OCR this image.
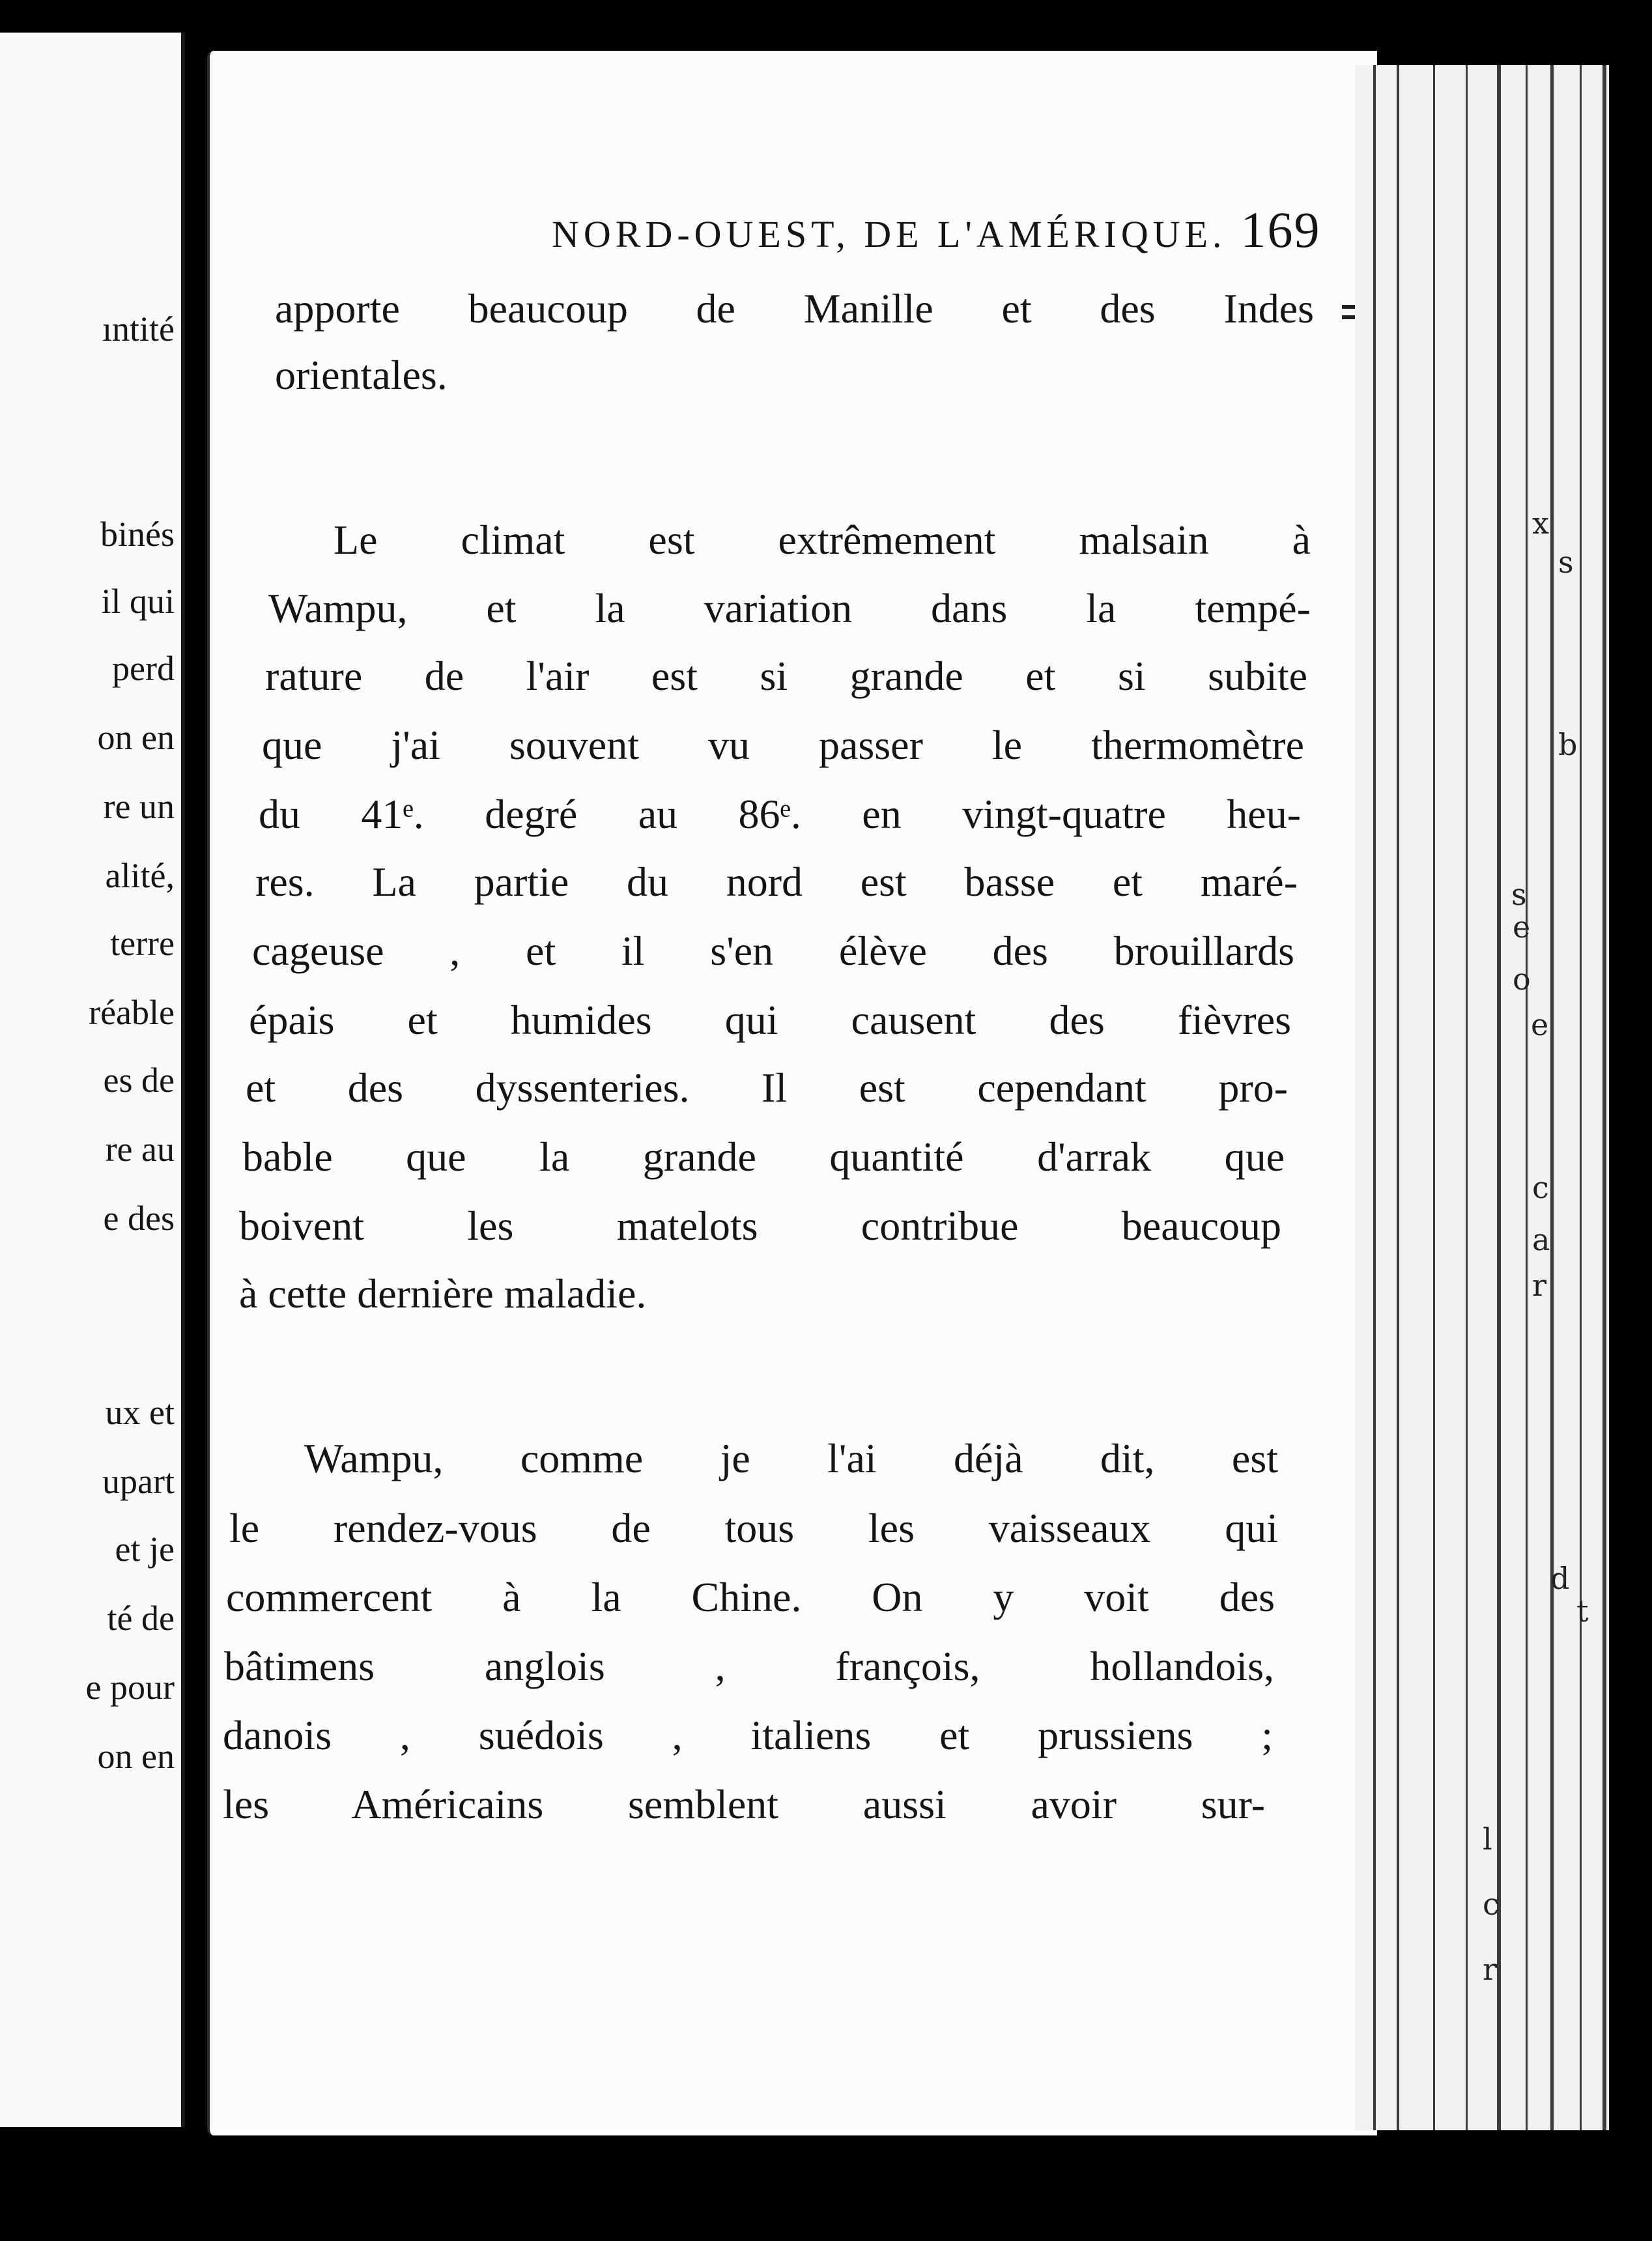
ıntité

binés

il qui

perd

on en

re un

alité,

terre

réable

es de

re au

e des

ux et

upart

et je

té de

e pour

on en

NORD-OUEST, DE L'AMÉRIQUE. 169

apporte beaucoup de Manille et des Indes

orientales.

Le climat est extrêmement malsain à

Wampu, et la variation dans la tempé-

rature de l'air est si grande et si subite

que j'ai souvent vu passer le thermomètre

du 41ᵉ. degré au 86ᵉ. en vingt-quatre heu-

res. La partie du nord est basse et maré-

cageuse , et il s'en élève des brouillards

épais et humides qui causent des fièvres

et des dyssenteries. Il est cependant pro-

bable que la grande quantité d'arrak que

boivent les matelots contribue beaucoup

à cette dernière maladie.

Wampu, comme je l'ai déjà dit, est

le rendez-vous de tous les vaisseaux qui

commercent à la Chine. On y voit des

bâtimens anglois , françois, hollandois,

danois , suédois , italiens et prussiens ;

les Américains semblent aussi avoir sur-

x

s

b

s

e

o

e

c

a

r

t

d

l

c

r
